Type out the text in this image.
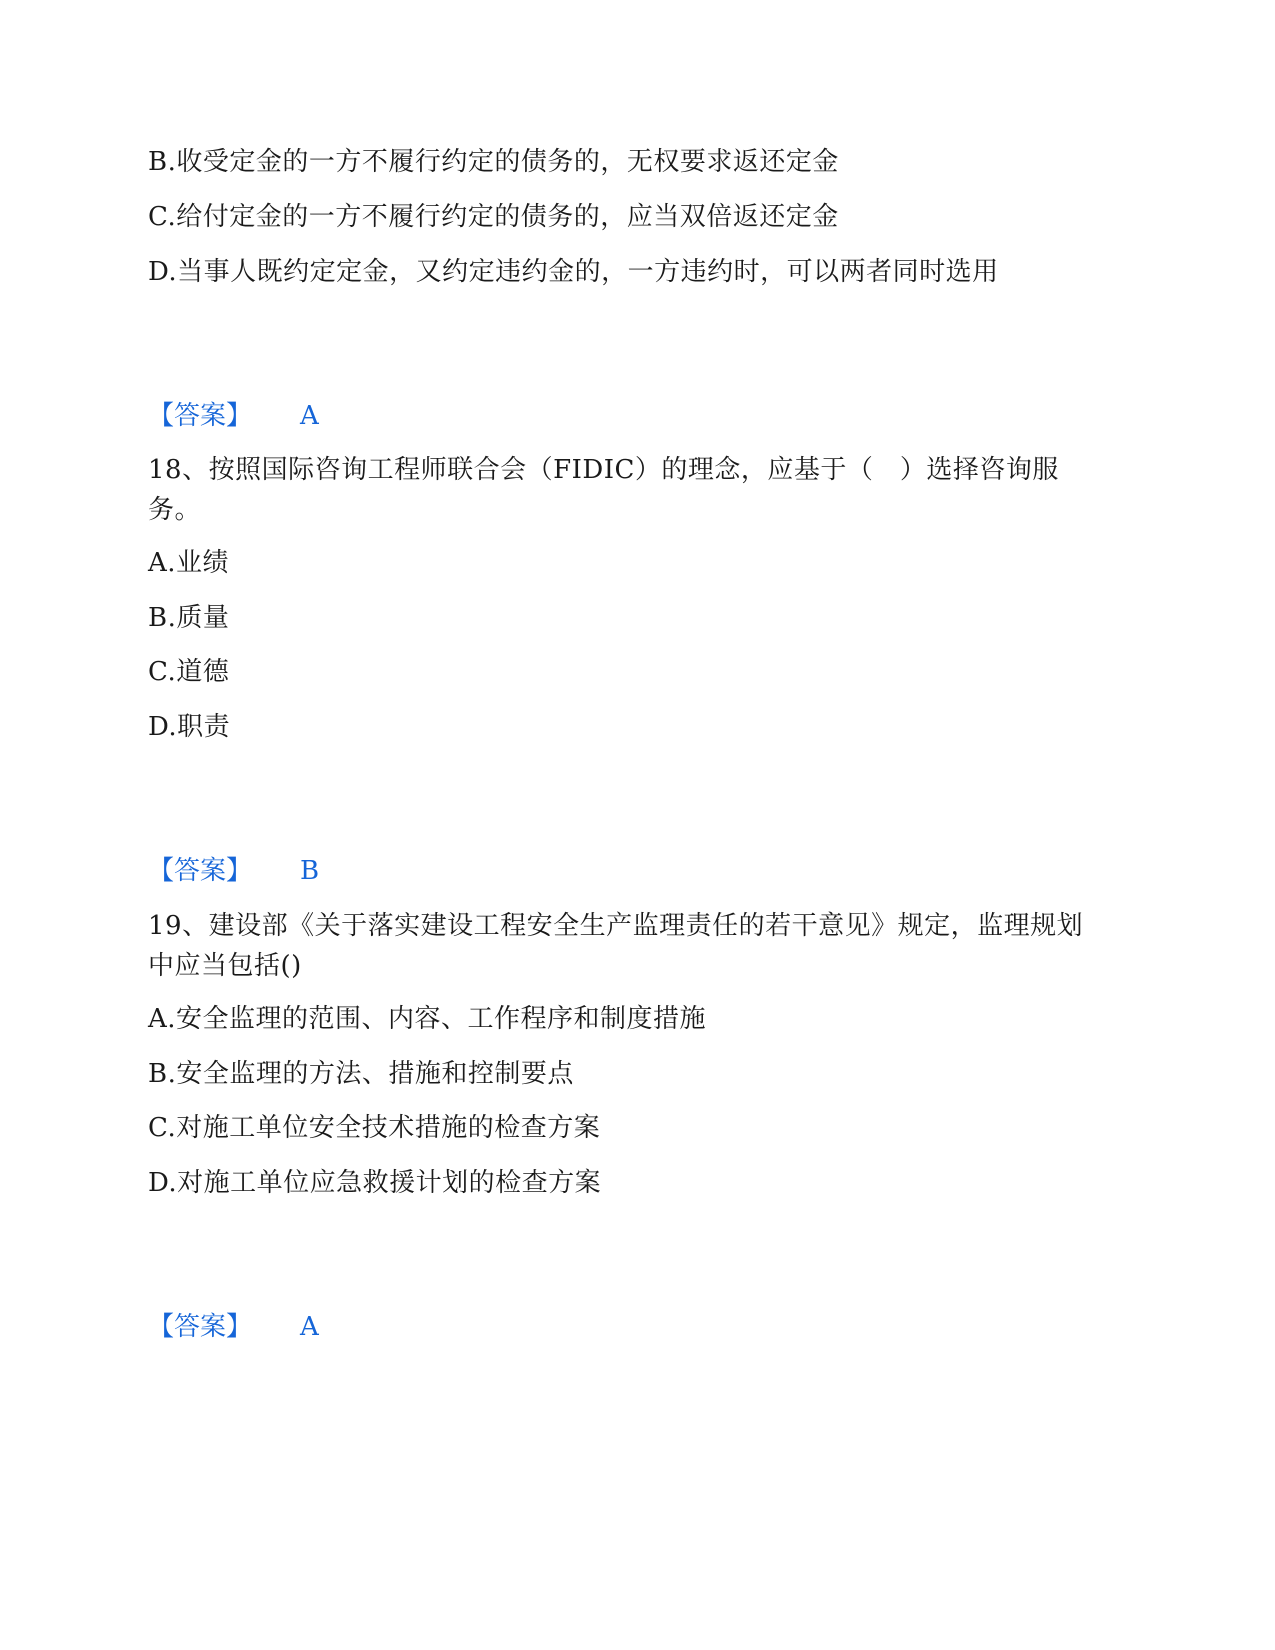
B.收受定金的一方不履行约定的债务的，无权要求返还定金
C.给付定金的一方不履行约定的债务的，应当双倍返还定金
D.当事人既约定定金，又约定违约金的，一方违约时，可以两者同时选用
【答案】 A
18、按照国际咨询工程师联合会（FIDIC）的理念，应基于（　）选择咨询服务。
A.业绩
B.质量
C.道德
D.职责
【答案】 B
19、建设部《关于落实建设工程安全生产监理责任的若干意见》规定，监理规划中应当包括()
A.安全监理的范围、内容、工作程序和制度措施
B.安全监理的方法、措施和控制要点
C.对施工单位安全技术措施的检查方案
D.对施工单位应急救援计划的检查方案
【答案】 A
